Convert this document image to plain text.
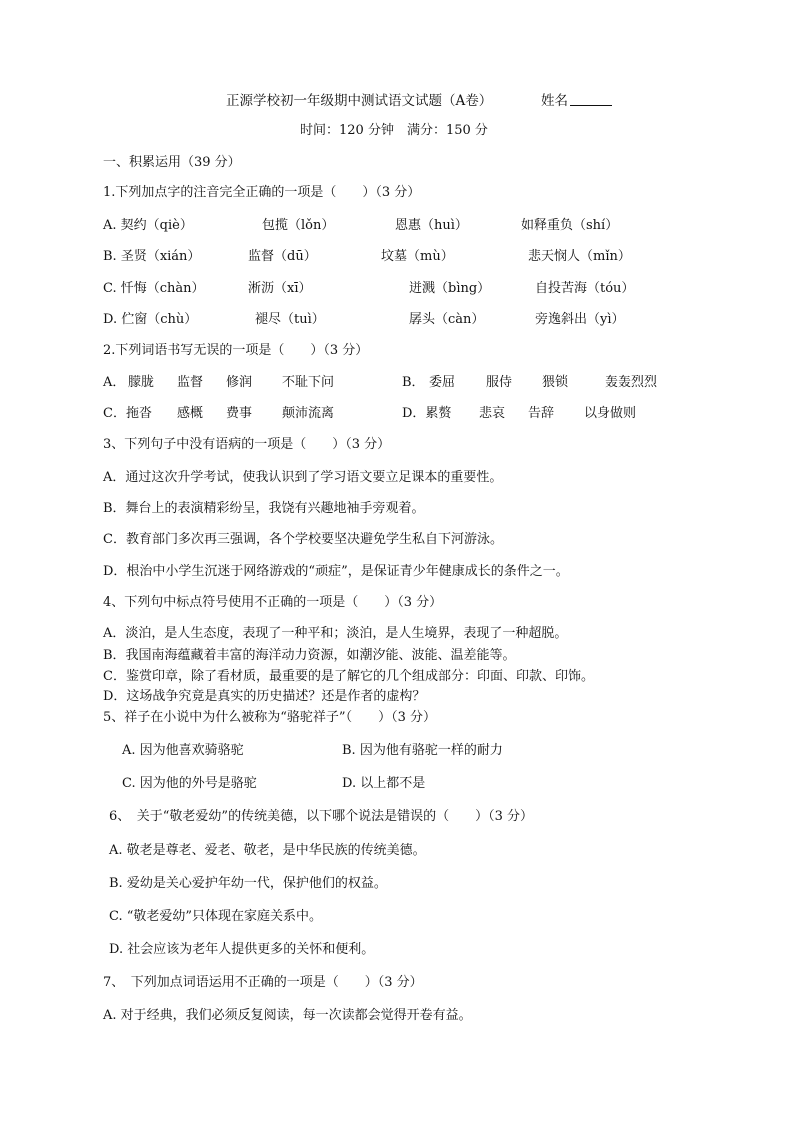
正源学校初一年级期中测试语文试题（A卷）	姓名
时间：120 分钟　满分：150 分
一、积累运用（39 分）
1.下列加点字的注音完全正确的一项是（　　）（3 分）
A. 契约（qiè）	包揽（lǒn）	恩惠（huì）	如释重负（shí）
B. 圣贤（xián）	监督（dū）	坟墓（mù）	悲天悯人（mǐn）
C. 忏悔（chàn）	淅沥（xī）	迸溅（bìng）	自投苦海（tóu）
D. 伫窗（chù）	褪尽（tuì）	孱头（càn）	旁逸斜出（yì）
2.下列词语书写无误的一项是（　　）（3 分）
A． 朦胧 监督 修润 不耻下问	B． 委屈 服侍 猥锁	轰轰烈烈
C．拖沓 感概 费事 颠沛流离	D．累赘 悲哀 告辞 以身做则
3、下列句子中没有语病的一项是（　　）（3 分）
A．通过这次升学考试，使我认识到了学习语文要立足课本的重要性。
B．舞台上的表演精彩纷呈，我饶有兴趣地袖手旁观着。
C．教育部门多次再三强调，各个学校要坚决避免学生私自下河游泳。
D．根治中小学生沉迷于网络游戏的“顽症”，是保证青少年健康成长的条件之一。
4、下列句中标点符号使用不正确的一项是（　　）（3 分）
A．淡泊，是人生态度，表现了一种平和；淡泊，是人生境界，表现了一种超脱。
B．我国南海蕴藏着丰富的海洋动力资源，如潮汐能、波能、温差能等。
C．鉴赏印章，除了看材质，最重要的是了解它的几个组成部分：印面、印款、印饰。
D．这场战争究竟是真实的历史描述？还是作者的虚构？
5、祥子在小说中为什么被称为“骆驼祥子”（　　）（3 分）
A. 因为他喜欢骑骆驼	B. 因为他有骆驼一样的耐力
C. 因为他的外号是骆驼	D. 以上都不是
6、　关于“敬老爱幼”的传统美德，以下哪个说法是错误的（　　）（3 分）
A. 敬老是尊老、爱老、敬老，是中华民族的传统美德。
B. 爱幼是关心爱护年幼一代，保护他们的权益。
C. “敬老爱幼”只体现在家庭关系中。
D. 社会应该为老年人提供更多的关怀和便利。
7、　下列加点词语运用不正确的一项是（　　）（3 分）
A. 对于经典，我们必须反复阅读，每一次读都会觉得开卷有益。
